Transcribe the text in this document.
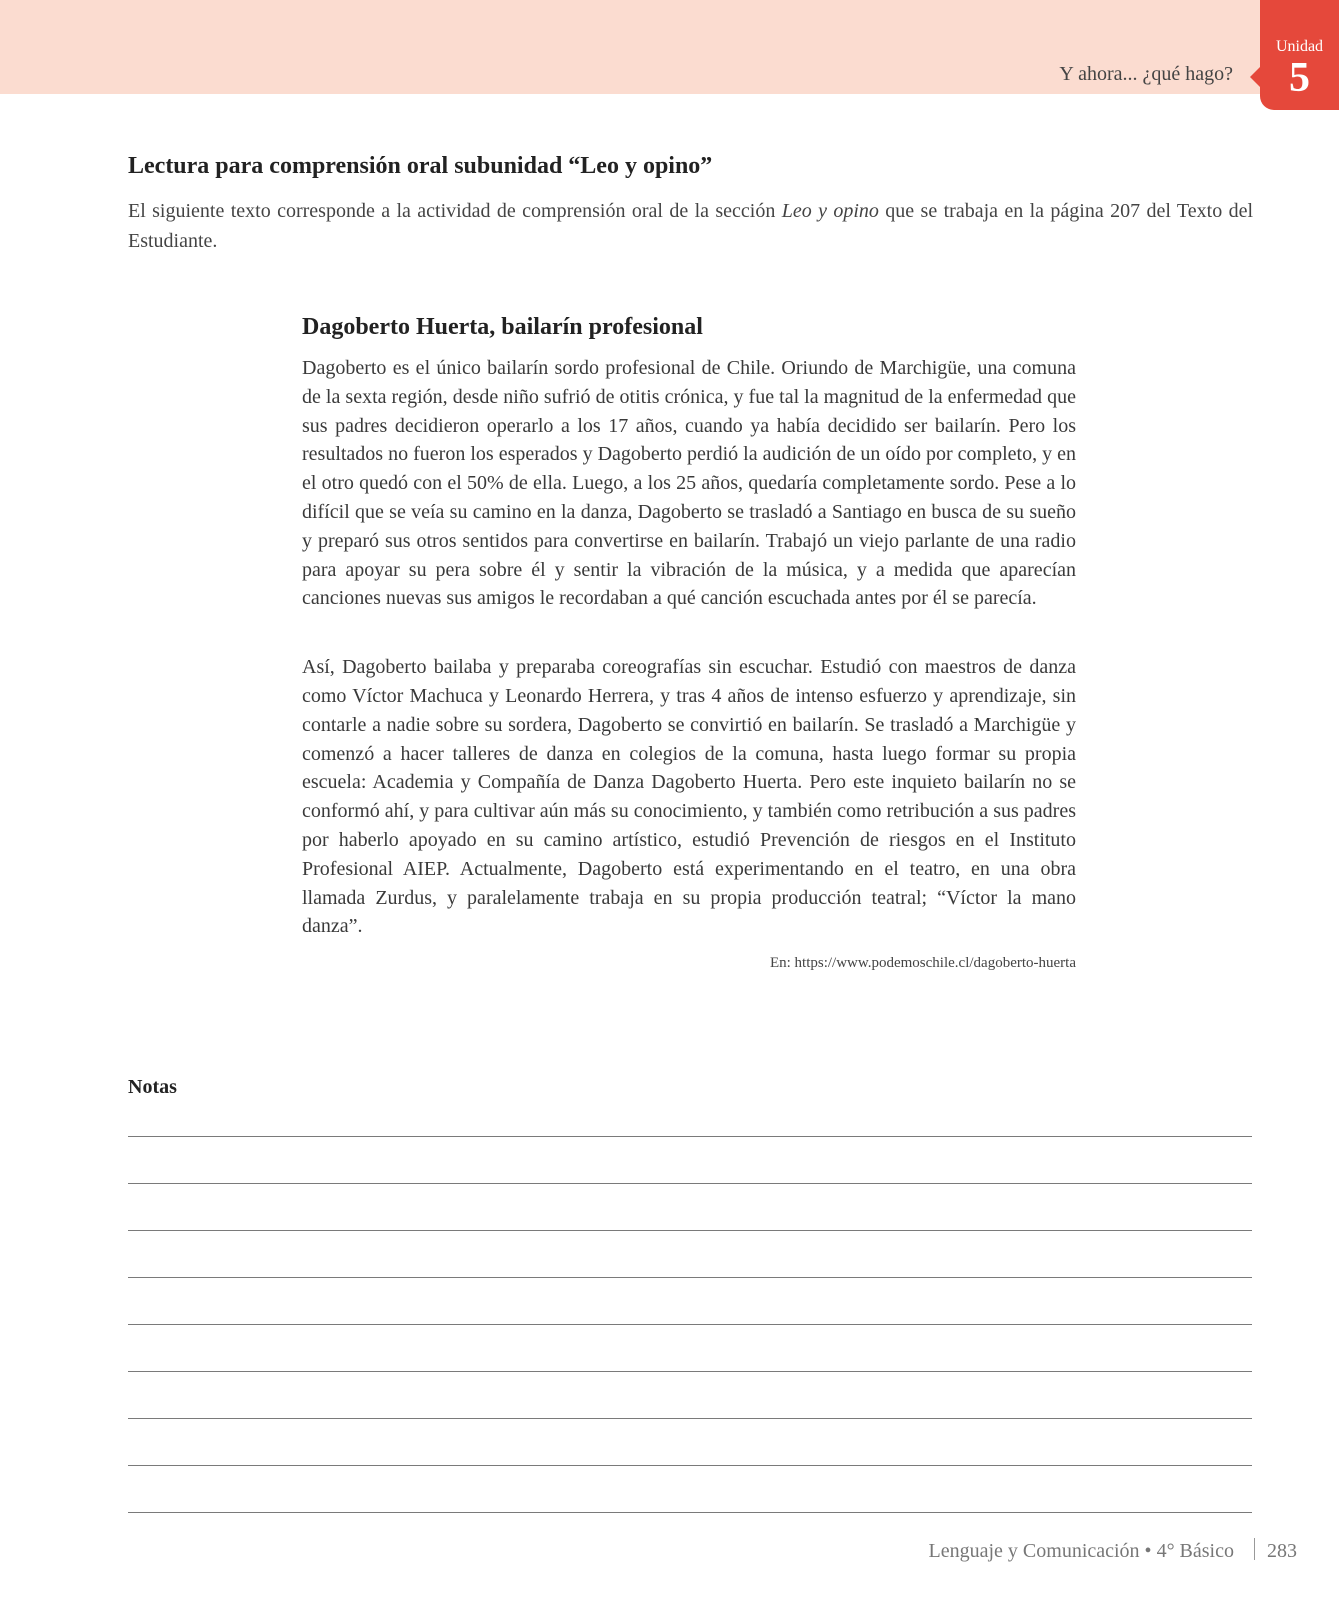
Y ahora... ¿qué hago?
Unidad
5
Lectura para comprensión oral subunidad “Leo y opino”

El siguiente texto corresponde a la actividad de comprensión oral de la sección Leo y opino que se trabaja en la página 207 del Texto del Estudiante.

Dagoberto Huerta, bailarín profesional

Dagoberto es el único bailarín sordo profesional de Chile. Oriundo de Marchigüe, una comuna de la sexta región, desde niño sufrió de otitis crónica, y fue tal la magnitud de la enfermedad que sus padres decidieron operarlo a los 17 años, cuando ya había decidido ser bailarín. Pero los resultados no fueron los esperados y Dagoberto perdió la audición de un oído por completo, y en el otro quedó con el 50% de ella. Luego, a los 25 años, quedaría completamente sordo. Pese a lo difícil que se veía su camino en la danza, Dagoberto se trasladó a Santiago en busca de su sueño y preparó sus otros sentidos para convertirse en bailarín. Trabajó un viejo parlante de una radio para apoyar su pera sobre él y sentir la vibración de la música, y a medida que aparecían canciones nuevas sus amigos le recordaban a qué canción escuchada antes por él se parecía.

Así, Dagoberto bailaba y preparaba coreografías sin escuchar. Estudió con maestros de danza como Víctor Machuca y Leonardo Herrera, y tras 4 años de intenso esfuerzo y aprendizaje, sin contarle a nadie sobre su sordera, Dagoberto se convirtió en bailarín. Se trasladó a Marchigüe y comenzó a hacer talleres de danza en colegios de la comuna, hasta luego formar su propia escuela: Academia y Compañía de Danza Dagoberto Huerta. Pero este inquieto bailarín no se conformó ahí, y para cultivar aún más su conocimiento, y también como retribución a sus padres por haberlo apoyado en su camino artístico, estudió Prevención de riesgos en el Instituto Profesional AIEP. Actualmente, Dagoberto está experimentando en el teatro, en una obra llamada Zurdus, y paralelamente trabaja en su propia producción teatral; “Víctor la mano danza”.

En: https://www.podemoschile.cl/dagoberto-huerta
Notas
Lenguaje y Comunicación • 4° Básico 283
